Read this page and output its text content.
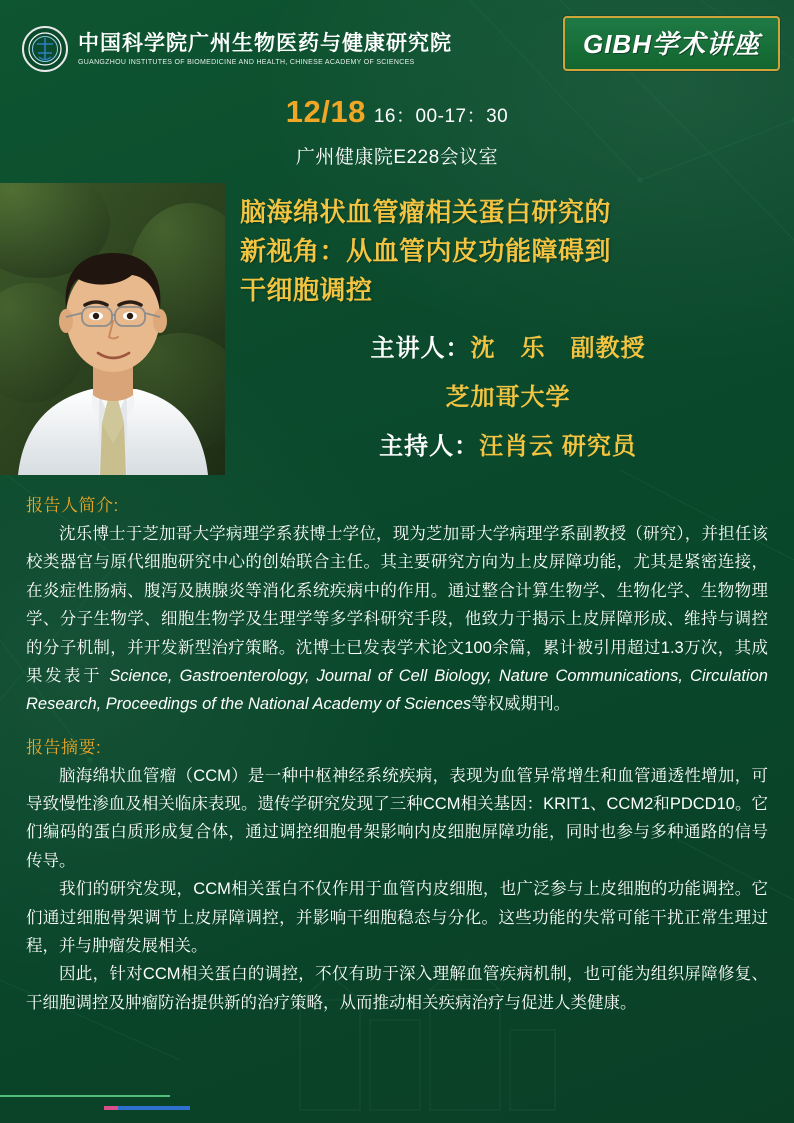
中国科学院广州生物医药与健康研究院
GUANGZHOU INSTITUTES OF BIOMEDICINE AND HEALTH, CHINESE ACADEMY OF SCIENCES
GIBH学术讲座
12/18 16：00-17：30
广州健康院E228会议室
脑海绵状血管瘤相关蛋白研究的
新视角：从血管内皮功能障碍到
干细胞调控
主讲人：沈　乐　副教授
芝加哥大学
主持人：汪肖云 研究员
报告人简介:

沈乐博士于芝加哥大学病理学系获博士学位，现为芝加哥大学病理学系副教授（研究），并担任该校类器官与原代细胞研究中心的创始联合主任。其主要研究方向为上皮屏障功能，尤其是紧密连接，在炎症性肠病、腹泻及胰腺炎等消化系统疾病中的作用。通过整合计算生物学、生物化学、生物物理学、分子生物学、细胞生物学及生理学等多学科研究手段，他致力于揭示上皮屏障形成、维持与调控的分子机制，并开发新型治疗策略。沈博士已发表学术论文100余篇，累计被引用超过1.3万次，其成果发表于 Science, Gastroenterology, Journal of Cell Biology, Nature Communications, Circulation Research, Proceedings of the National Academy of Sciences等权威期刊。

报告摘要:

脑海绵状血管瘤（CCM）是一种中枢神经系统疾病，表现为血管异常增生和血管通透性增加，可导致慢性渗血及相关临床表现。遗传学研究发现了三种CCM相关基因：KRIT1、CCM2和PDCD10。它们编码的蛋白质形成复合体，通过调控细胞骨架影响内皮细胞屏障功能，同时也参与多种通路的信号传导。

我们的研究发现，CCM相关蛋白不仅作用于血管内皮细胞，也广泛参与上皮细胞的功能调控。它们通过细胞骨架调节上皮屏障调控，并影响干细胞稳态与分化。这些功能的失常可能干扰正常生理过程，并与肿瘤发展相关。

因此，针对CCM相关蛋白的调控，不仅有助于深入理解血管疾病机制，也可能为组织屏障修复、干细胞调控及肿瘤防治提供新的治疗策略，从而推动相关疾病治疗与促进人类健康。
